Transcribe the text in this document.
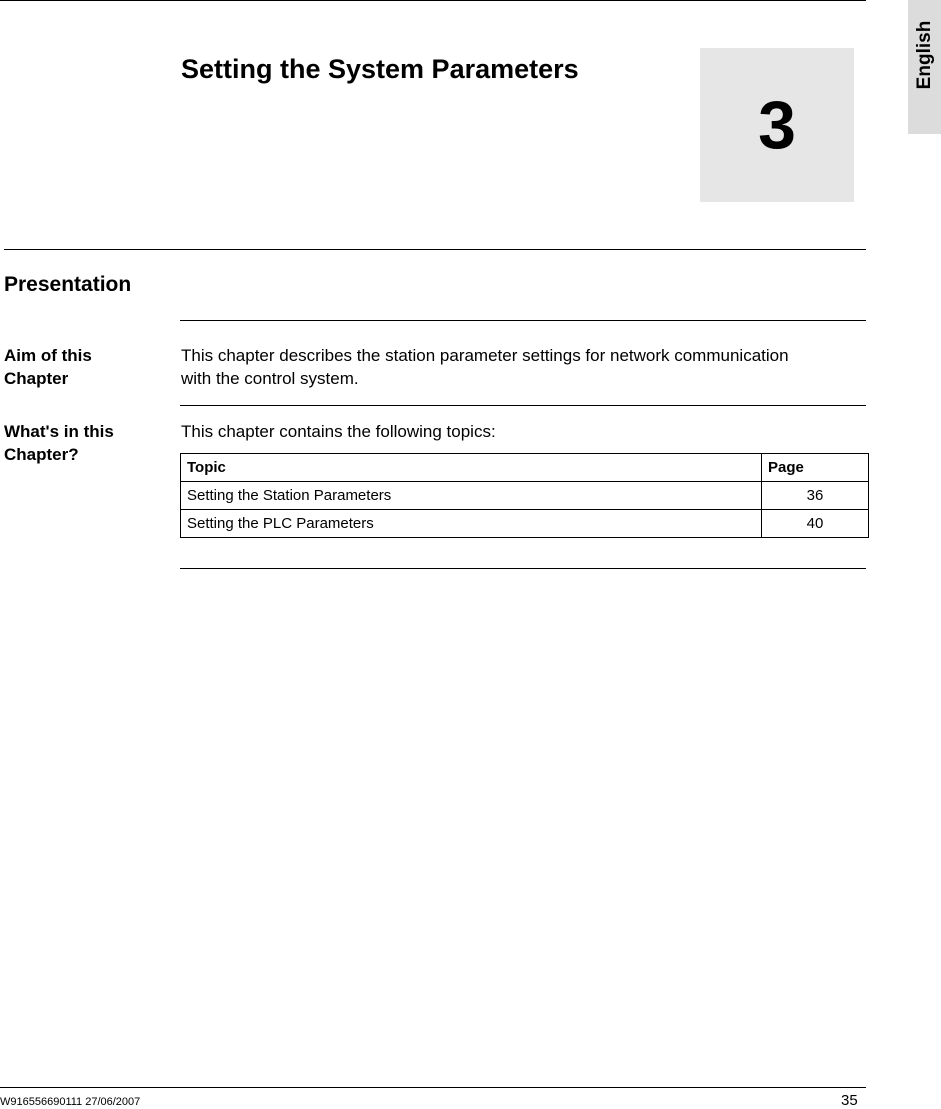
English
Setting the System Parameters
3
Presentation
Aim of this
Chapter
This chapter describes the station parameter settings for network communication
with the control system.
What's in this
Chapter?
This chapter contains the following topics:
Topic	Page
Setting the Station Parameters	36
Setting the PLC Parameters	40
W916556690111 27/06/2007	35
